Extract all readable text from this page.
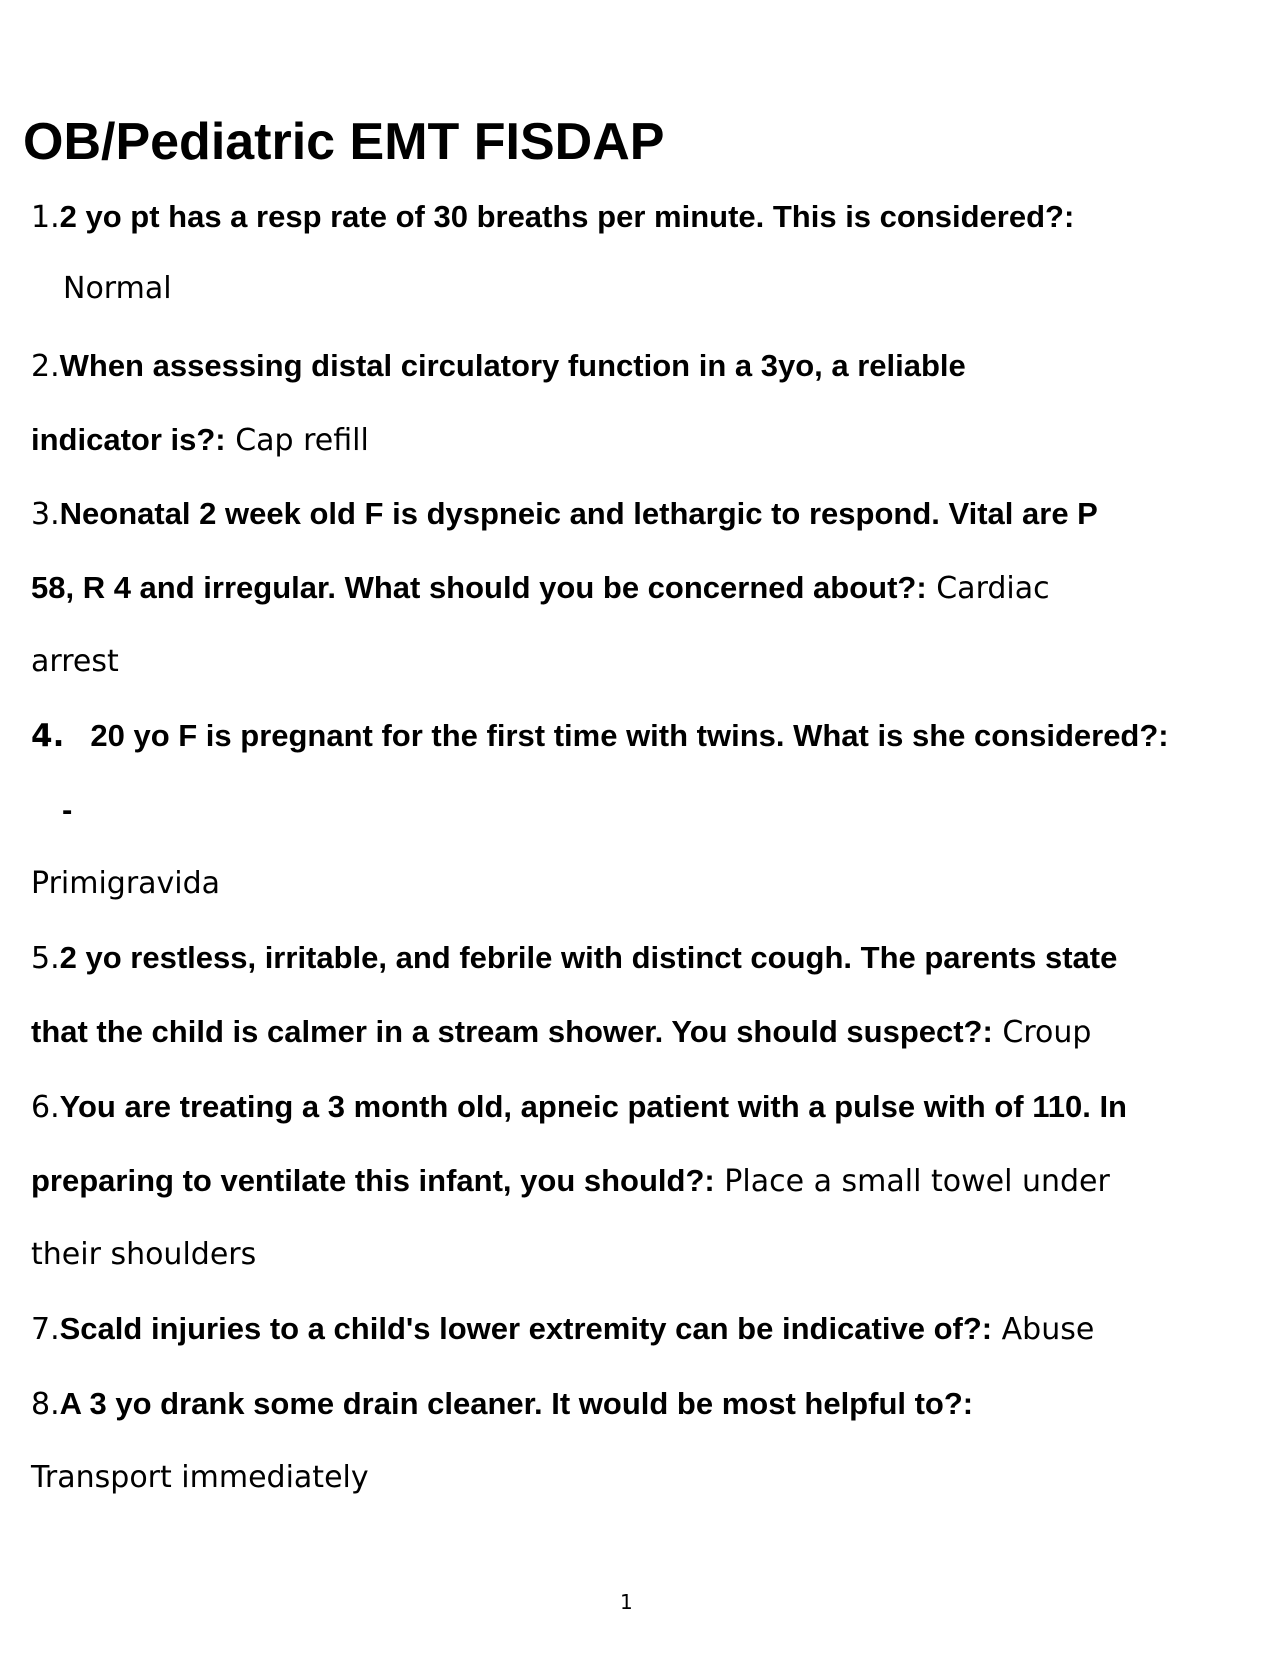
OB/Pediatric EMT FISDAP
1.2 yo pt has a resp rate of 30 breaths per minute. This is considered?:
Normal
2.When assessing distal circulatory function in a 3yo, a reliable
indicator is?: Cap refill
3.Neonatal 2 week old F is dyspneic and lethargic to respond. Vital are P
58, R 4 and irregular. What should you be concerned about?: Cardiac
arrest
4. 20 yo F is pregnant for the first time with twins. What is she considered?:
-
Primigravida
5.2 yo restless, irritable, and febrile with distinct cough. The parents state
that the child is calmer in a stream shower. You should suspect?: Croup
6.You are treating a 3 month old, apneic patient with a pulse with of 110. In
preparing to ventilate this infant, you should?: Place a small towel under
their shoulders
7.Scald injuries to a child's lower extremity can be indicative of?: Abuse
8.A 3 yo drank some drain cleaner. It would be most helpful to?:
Transport immediately
1
